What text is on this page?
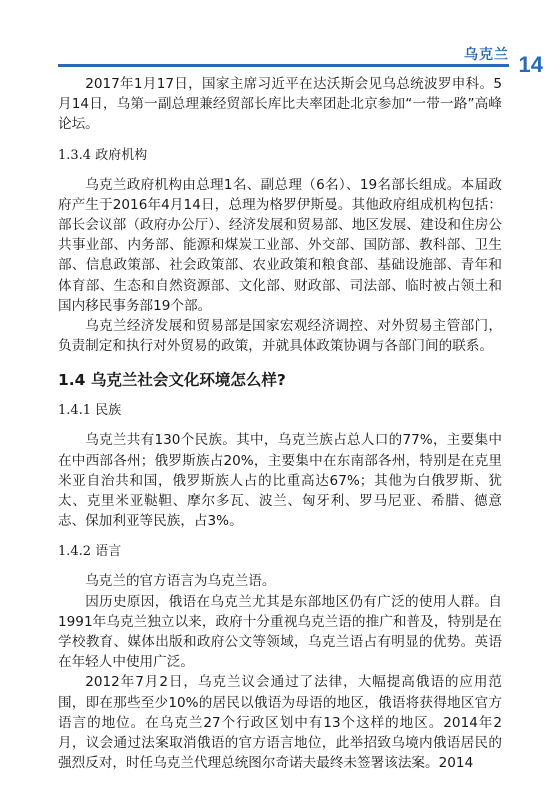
乌克兰 14

2017年1月17日，国家主席习近平在达沃斯会见乌总统波罗申科。5月14日，乌第一副总理兼经贸部长库比夫率团赴北京参加“一带一路”高峰论坛。

1.3.4 政府机构

乌克兰政府机构由总理1名、副总理（6名）、19名部长组成。本届政府产生于2016年4月14日，总理为格罗伊斯曼。其他政府组成机构包括：部长会议部（政府办公厅）、经济发展和贸易部、地区发展、建设和住房公共事业部、内务部、能源和煤炭工业部、外交部、国防部、教科部、卫生部、信息政策部、社会政策部、农业政策和粮食部、基础设施部、青年和体育部、生态和自然资源部、文化部、财政部、司法部、临时被占领土和国内移民事务部19个部。

乌克兰经济发展和贸易部是国家宏观经济调控、对外贸易主管部门，负责制定和执行对外贸易的政策，并就具体政策协调与各部门间的联系。

1.4 乌克兰社会文化环境怎么样?
1.4.1 民族

乌克兰共有130个民族。其中，乌克兰族占总人口的77%，主要集中在中西部各州；俄罗斯族占20%，主要集中在东南部各州，特别是在克里米亚自治共和国，俄罗斯族人占的比重高达67%；其他为白俄罗斯、犹太、克里米亚鞑靼、摩尔多瓦、波兰、匈牙利、罗马尼亚、希腊、德意志、保加利亚等民族，占3%。

1.4.2 语言

乌克兰的官方语言为乌克兰语。

因历史原因，俄语在乌克兰尤其是东部地区仍有广泛的使用人群。自1991年乌克兰独立以来，政府十分重视乌克兰语的推广和普及，特别是在学校教育、媒体出版和政府公文等领域，乌克兰语占有明显的优势。英语在年轻人中使用广泛。

2012年7月2日，乌克兰议会通过了法律，大幅提高俄语的应用范围，即在那些至少10%的居民以俄语为母语的地区，俄语将获得地区官方语言的地位。在乌克兰27个行政区划中有13个这样的地区。2014年2月，议会通过法案取消俄语的官方语言地位，此举招致乌境内俄语居民的强烈反对，时任乌克兰代理总统图尔奇诺夫最终未签署该法案。2014
